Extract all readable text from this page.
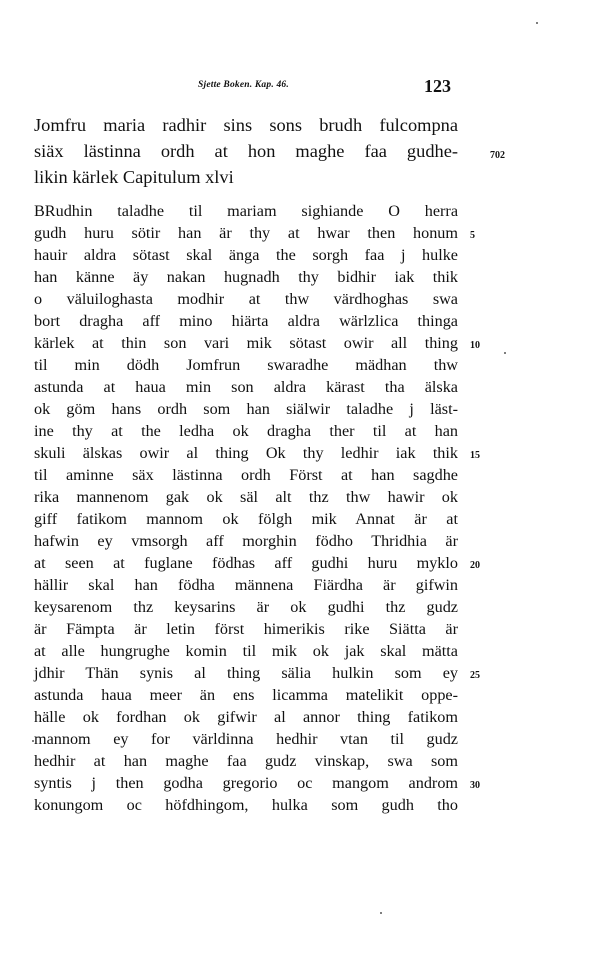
Sjette Boken. Kap. 46.	123
Jomfru maria radhir sins sons brudh fulcompna
siäx lästinna ordh at hon maghe faa gudhe-
likin kärlek Capitulum xlvi
702
BRudhin taladhe til mariam sighiande O herra
gudh huru sötir han är thy at hwar then honum
hauir aldra sötast skal änga the sorgh faa j hulke
han känne äy nakan hugnadh thy bidhir iak thik
o väluiloghasta modhir at thw värdhoghas swa
bort dragha aff mino hiärta aldra wärlzlica thinga
kärlek at thin son vari mik sötast owir all thing
til min dödh Jomfrun swaradhe mädhan thw
astunda at haua min son aldra kärast tha älska
ok göm hans ordh som han siälwir taladhe j läst-
ine thy at the ledha ok dragha ther til at han
skuli älskas owir al thing Ok thy ledhir iak thik
til aminne säx lästinna ordh Först at han sagdhe
rika mannenom gak ok säl alt thz thw hawir ok
giff fatikom mannom ok fölgh mik Annat är at
hafwin ey vmsorgh aff morghin födho Thridhia är
at seen at fuglane födhas aff gudhi huru myklo
hällir skal han födha männena Fiärdha är gifwin
keysarenom thz keysarins är ok gudhi thz gudz
är Fämpta är letin först himerikis rike Siätta är
at alle hungrughe komin til mik ok jak skal mätta
jdhir Thän synis al thing sälia hulkin som ey
astunda haua meer än ens licamma matelikit oppe-
hälle ok fordhan ok gifwir al annor thing fatikom
mannom ey for världinna hedhir vtan til gudz
hedhir at han maghe faa gudz vinskap, swa som
syntis j then godha gregorio oc mangom androm
konungom oc höfdhingom, hulka som gudh tho
5
10
15
20
25
30
